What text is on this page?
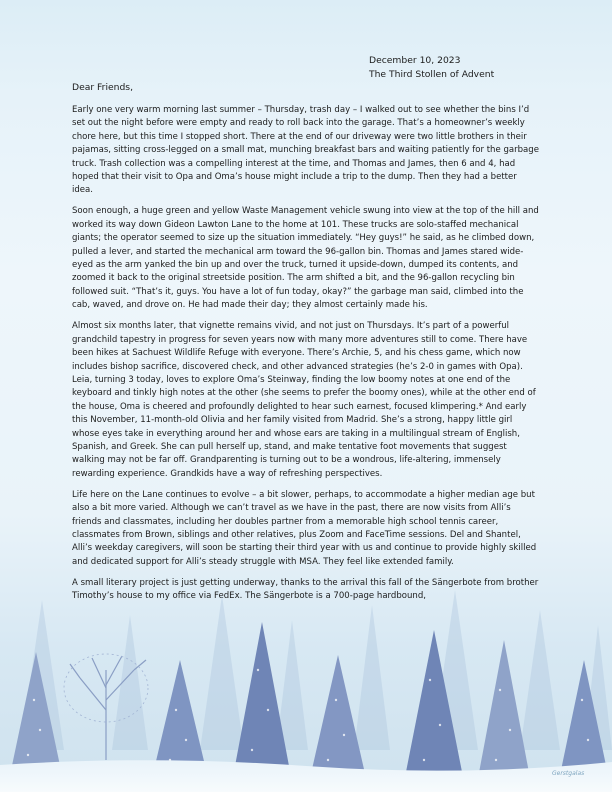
December 10, 2023
The Third Stollen of Advent
Dear Friends,

Early one very warm morning last summer – Thursday, trash day – I walked out to see whether the bins I’d set out the night before were empty and ready to roll back into the garage. That’s a homeowner’s weekly chore here, but this time I stopped short. There at the end of our driveway were two little brothers in their pajamas, sitting cross-legged on a small mat, munching breakfast bars and waiting patiently for the garbage truck. Trash collection was a compelling interest at the time, and Thomas and James, then 6 and 4, had hoped that their visit to Opa and Oma’s house might include a trip to the dump. Then they had a better idea.

Soon enough, a huge green and yellow Waste Management vehicle swung into view at the top of the hill and worked its way down Gideon Lawton Lane to the home at 101. These trucks are solo-staffed mechanical giants; the operator seemed to size up the situation immediately. “Hey guys!” he said, as he climbed down, pulled a lever, and started the mechanical arm toward the 96-gallon bin. Thomas and James stared wide-eyed as the arm yanked the bin up and over the truck, turned it upside-down, dumped its contents, and zoomed it back to the original streetside position. The arm shifted a bit, and the 96-gallon recycling bin followed suit. “That’s it, guys. You have a lot of fun today, okay?” the garbage man said, climbed into the cab, waved, and drove on. He had made their day; they almost certainly made his.

Almost six months later, that vignette remains vivid, and not just on Thursdays. It’s part of a powerful grandchild tapestry in progress for seven years now with many more adventures still to come. There have been hikes at Sachuest Wildlife Refuge with everyone. There’s Archie, 5, and his chess game, which now includes bishop sacrifice, discovered check, and other advanced strategies (he’s 2-0 in games with Opa). Leia, turning 3 today, loves to explore Oma’s Steinway, finding the low boomy notes at one end of the keyboard and tinkly high notes at the other (she seems to prefer the boomy ones), while at the other end of the house, Oma is cheered and profoundly delighted to hear such earnest, focused klimpering.* And early this November, 11-month-old Olivia and her family visited from Madrid. She’s a strong, happy little girl whose eyes take in everything around her and whose ears are taking in a multilingual stream of English, Spanish, and Greek. She can pull herself up, stand, and make tentative foot movements that suggest walking may not be far off. Grandparenting is turning out to be a wondrous, life-altering, immensely rewarding experience. Grandkids have a way of refreshing perspectives.

Life here on the Lane continues to evolve – a bit slower, perhaps, to accommodate a higher median age but also a bit more varied. Although we can’t travel as we have in the past, there are now visits from Alli’s friends and classmates, including her doubles partner from a memorable high school tennis career, classmates from Brown, siblings and other relatives, plus Zoom and FaceTime sessions. Del and Shantel, Alli’s weekday caregivers, will soon be starting their third year with us and continue to provide highly skilled and dedicated support for Alli’s steady struggle with MSA. They feel like extended family.

A small literary project is just getting underway, thanks to the arrival this fall of the Sängerbote from brother Timothy’s house to my office via FedEx. The Sängerbote is a 700-page hardbound,

Gerstgalas
